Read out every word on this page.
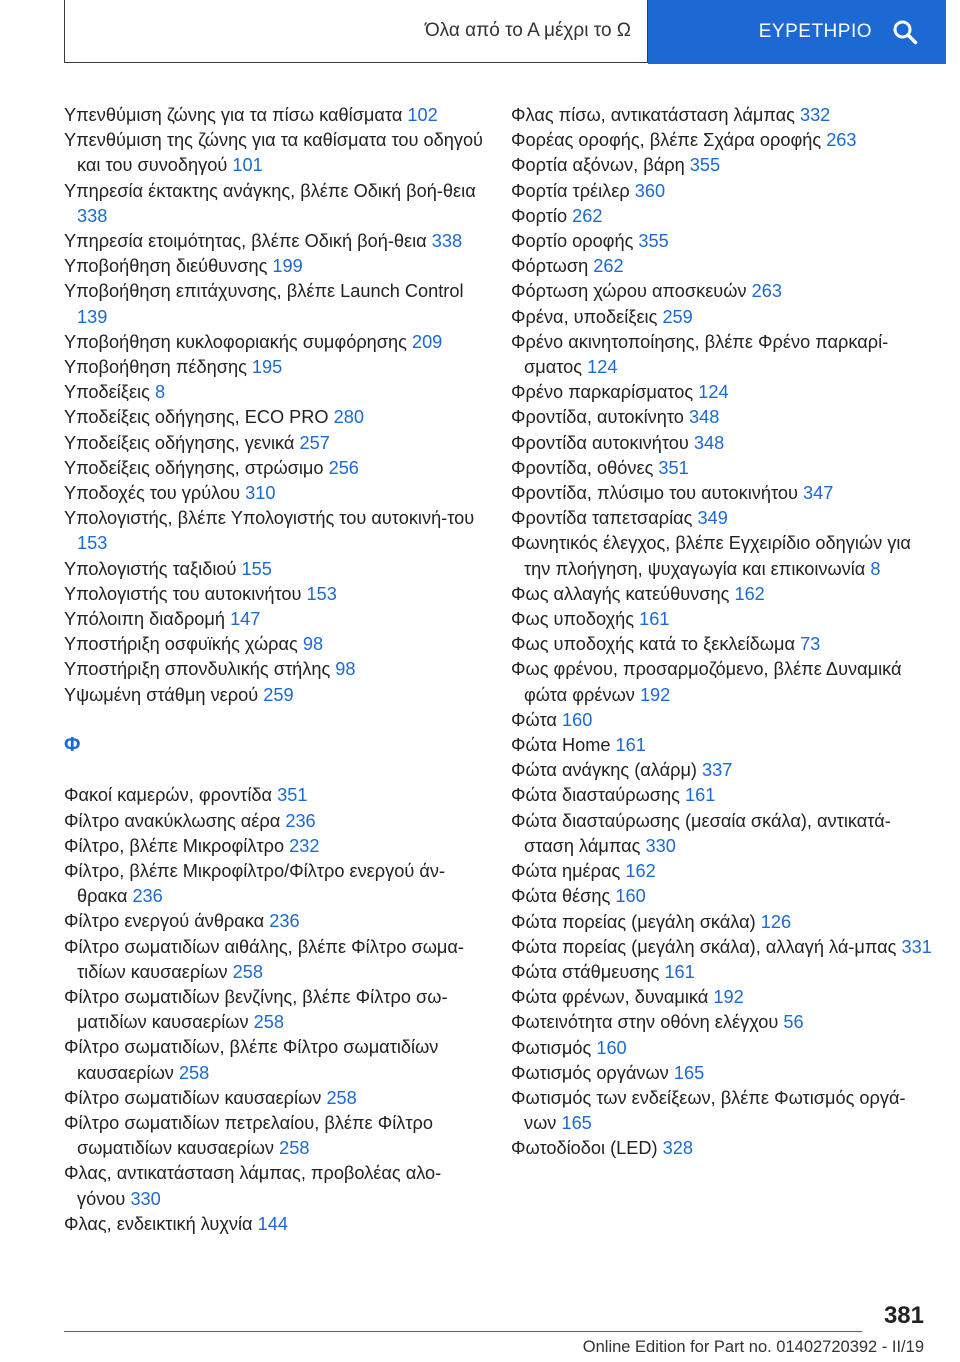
Όλα από το Α μέχρι το Ω	ΕΥΡΕΤΗΡΙΟ
Υπενθύμιση ζώνης για τα πίσω καθίσματα 102
Υπενθύμιση της ζώνης για τα καθίσματα του οδηγού και του συνοδηγού 101
Υπηρεσία έκτακτης ανάγκης, βλέπε Οδική βοή‐θεια 338
Υπηρεσία ετοιμότητας, βλέπε Οδική βοή‐θεια 338
Υποβοήθηση διεύθυνσης 199
Υποβοήθηση επιτάχυνσης, βλέπε Launch Control 139
Υποβοήθηση κυκλοφοριακής συμφόρησης 209
Υποβοήθηση πέδησης 195
Υποδείξεις 8
Υποδείξεις οδήγησης, ECO PRO 280
Υποδείξεις οδήγησης, γενικά 257
Υποδείξεις οδήγησης, στρώσιμο 256
Υποδοχές του γρύλου 310
Υπολογιστής, βλέπε Υπολογιστής του αυτοκινή‐του 153
Υπολογιστής ταξιδιού 155
Υπολογιστής του αυτοκινήτου 153
Υπόλοιπη διαδρομή 147
Υποστήριξη οσφυϊκής χώρας 98
Υποστήριξη σπονδυλικής στήλης 98
Υψωμένη στάθμη νερού 259
Φ
Φακοί καμερών, φροντίδα 351
Φίλτρο ανακύκλωσης αέρα 236
Φίλτρο, βλέπε Μικροφίλτρο 232
Φίλτρο, βλέπε Μικροφίλτρο/Φίλτρο ενεργού άν‐θρακα 236
Φίλτρο ενεργού άνθρακα 236
Φίλτρο σωματιδίων αιθάλης, βλέπε Φίλτρο σωμα‐τιδίων καυσαερίων 258
Φίλτρο σωματιδίων βενζίνης, βλέπε Φίλτρο σω‐ματιδίων καυσαερίων 258
Φίλτρο σωματιδίων, βλέπε Φίλτρο σωματιδίων καυσαερίων 258
Φίλτρο σωματιδίων καυσαερίων 258
Φίλτρο σωματιδίων πετρελαίου, βλέπε Φίλτρο σωματιδίων καυσαερίων 258
Φλας, αντικατάσταση λάμπας, προβολέας αλο‐γόνου 330
Φλας, ενδεικτική λυχνία 144
Φλας πίσω, αντικατάσταση λάμπας 332
Φορέας οροφής, βλέπε Σχάρα οροφής 263
Φορτία αξόνων, βάρη 355
Φορτία τρέιλερ 360
Φορτίο 262
Φορτίο οροφής 355
Φόρτωση 262
Φόρτωση χώρου αποσκευών 263
Φρένα, υποδείξεις 259
Φρένο ακινητοποίησης, βλέπε Φρένο παρκαρί‐σματος 124
Φρένο παρκαρίσματος 124
Φροντίδα, αυτοκίνητο 348
Φροντίδα αυτοκινήτου 348
Φροντίδα, οθόνες 351
Φροντίδα, πλύσιμο του αυτοκινήτου 347
Φροντίδα ταπετσαρίας 349
Φωνητικός έλεγχος, βλέπε Εγχειρίδιο οδηγιών για την πλοήγηση, ψυχαγωγία και επικοινωνία 8
Φως αλλαγής κατεύθυνσης 162
Φως υποδοχής 161
Φως υποδοχής κατά το ξεκλείδωμα 73
Φως φρένου, προσαρμοζόμενο, βλέπε Δυναμικά φώτα φρένων 192
Φώτα 160
Φώτα Home 161
Φώτα ανάγκης (αλάρμ) 337
Φώτα διασταύρωσης 161
Φώτα διασταύρωσης (μεσαία σκάλα), αντικατά‐σταση λάμπας 330
Φώτα ημέρας 162
Φώτα θέσης 160
Φώτα πορείας (μεγάλη σκάλα) 126
Φώτα πορείας (μεγάλη σκάλα), αλλαγή λά‐μπας 331
Φώτα στάθμευσης 161
Φώτα φρένων, δυναμικά 192
Φωτεινότητα στην οθόνη ελέγχου 56
Φωτισμός 160
Φωτισμός οργάνων 165
Φωτισμός των ενδείξεων, βλέπε Φωτισμός οργά‐νων 165
Φωτοδίοδοι (LED) 328
381
Online Edition for Part no. 01402720392 - II/19
